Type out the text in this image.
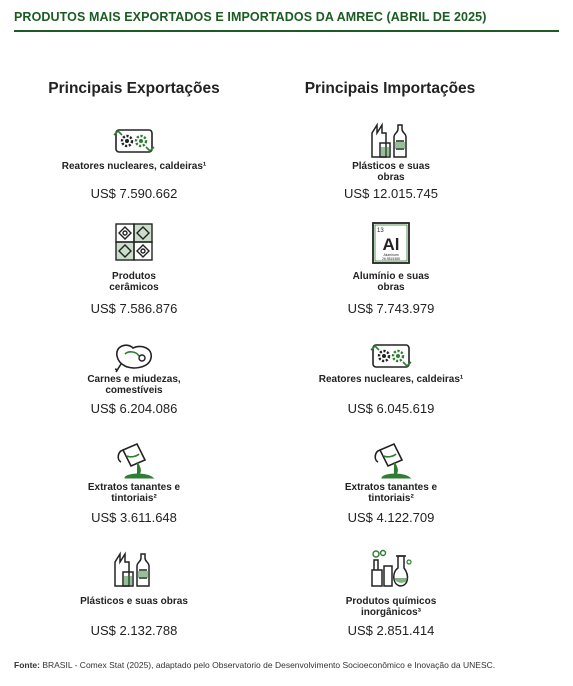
PRODUTOS MAIS EXPORTADOS E IMPORTADOS DA AMREC (ABRIL DE 2025)
Principais Exportações	Principais Importações
Reatores nucleares, caldeiras¹
US$ 7.590.662
Produtos
cerâmicos
US$ 7.586.876
Carnes e miudezas,
comestíveis
US$ 6.204.086
Extratos tanantes e
tintoriais²
US$ 3.611.648
Plásticos e suas obras
US$ 2.132.788
Plásticos e suas
obras
US$ 12.015.745
13
Al
Aluminum
26.9815385
Alumínio e suas
obras
US$ 7.743.979
Reatores nucleares, caldeiras¹
US$ 6.045.619
Extratos tanantes e
tintoriais²
US$ 4.122.709
Produtos químicos
inorgânicos³
US$ 2.851.414
Fonte: BRASIL - Comex Stat (2025), adaptado pelo Observatorio de Desenvolvimento Socioeconômico e Inovação da UNESC.
